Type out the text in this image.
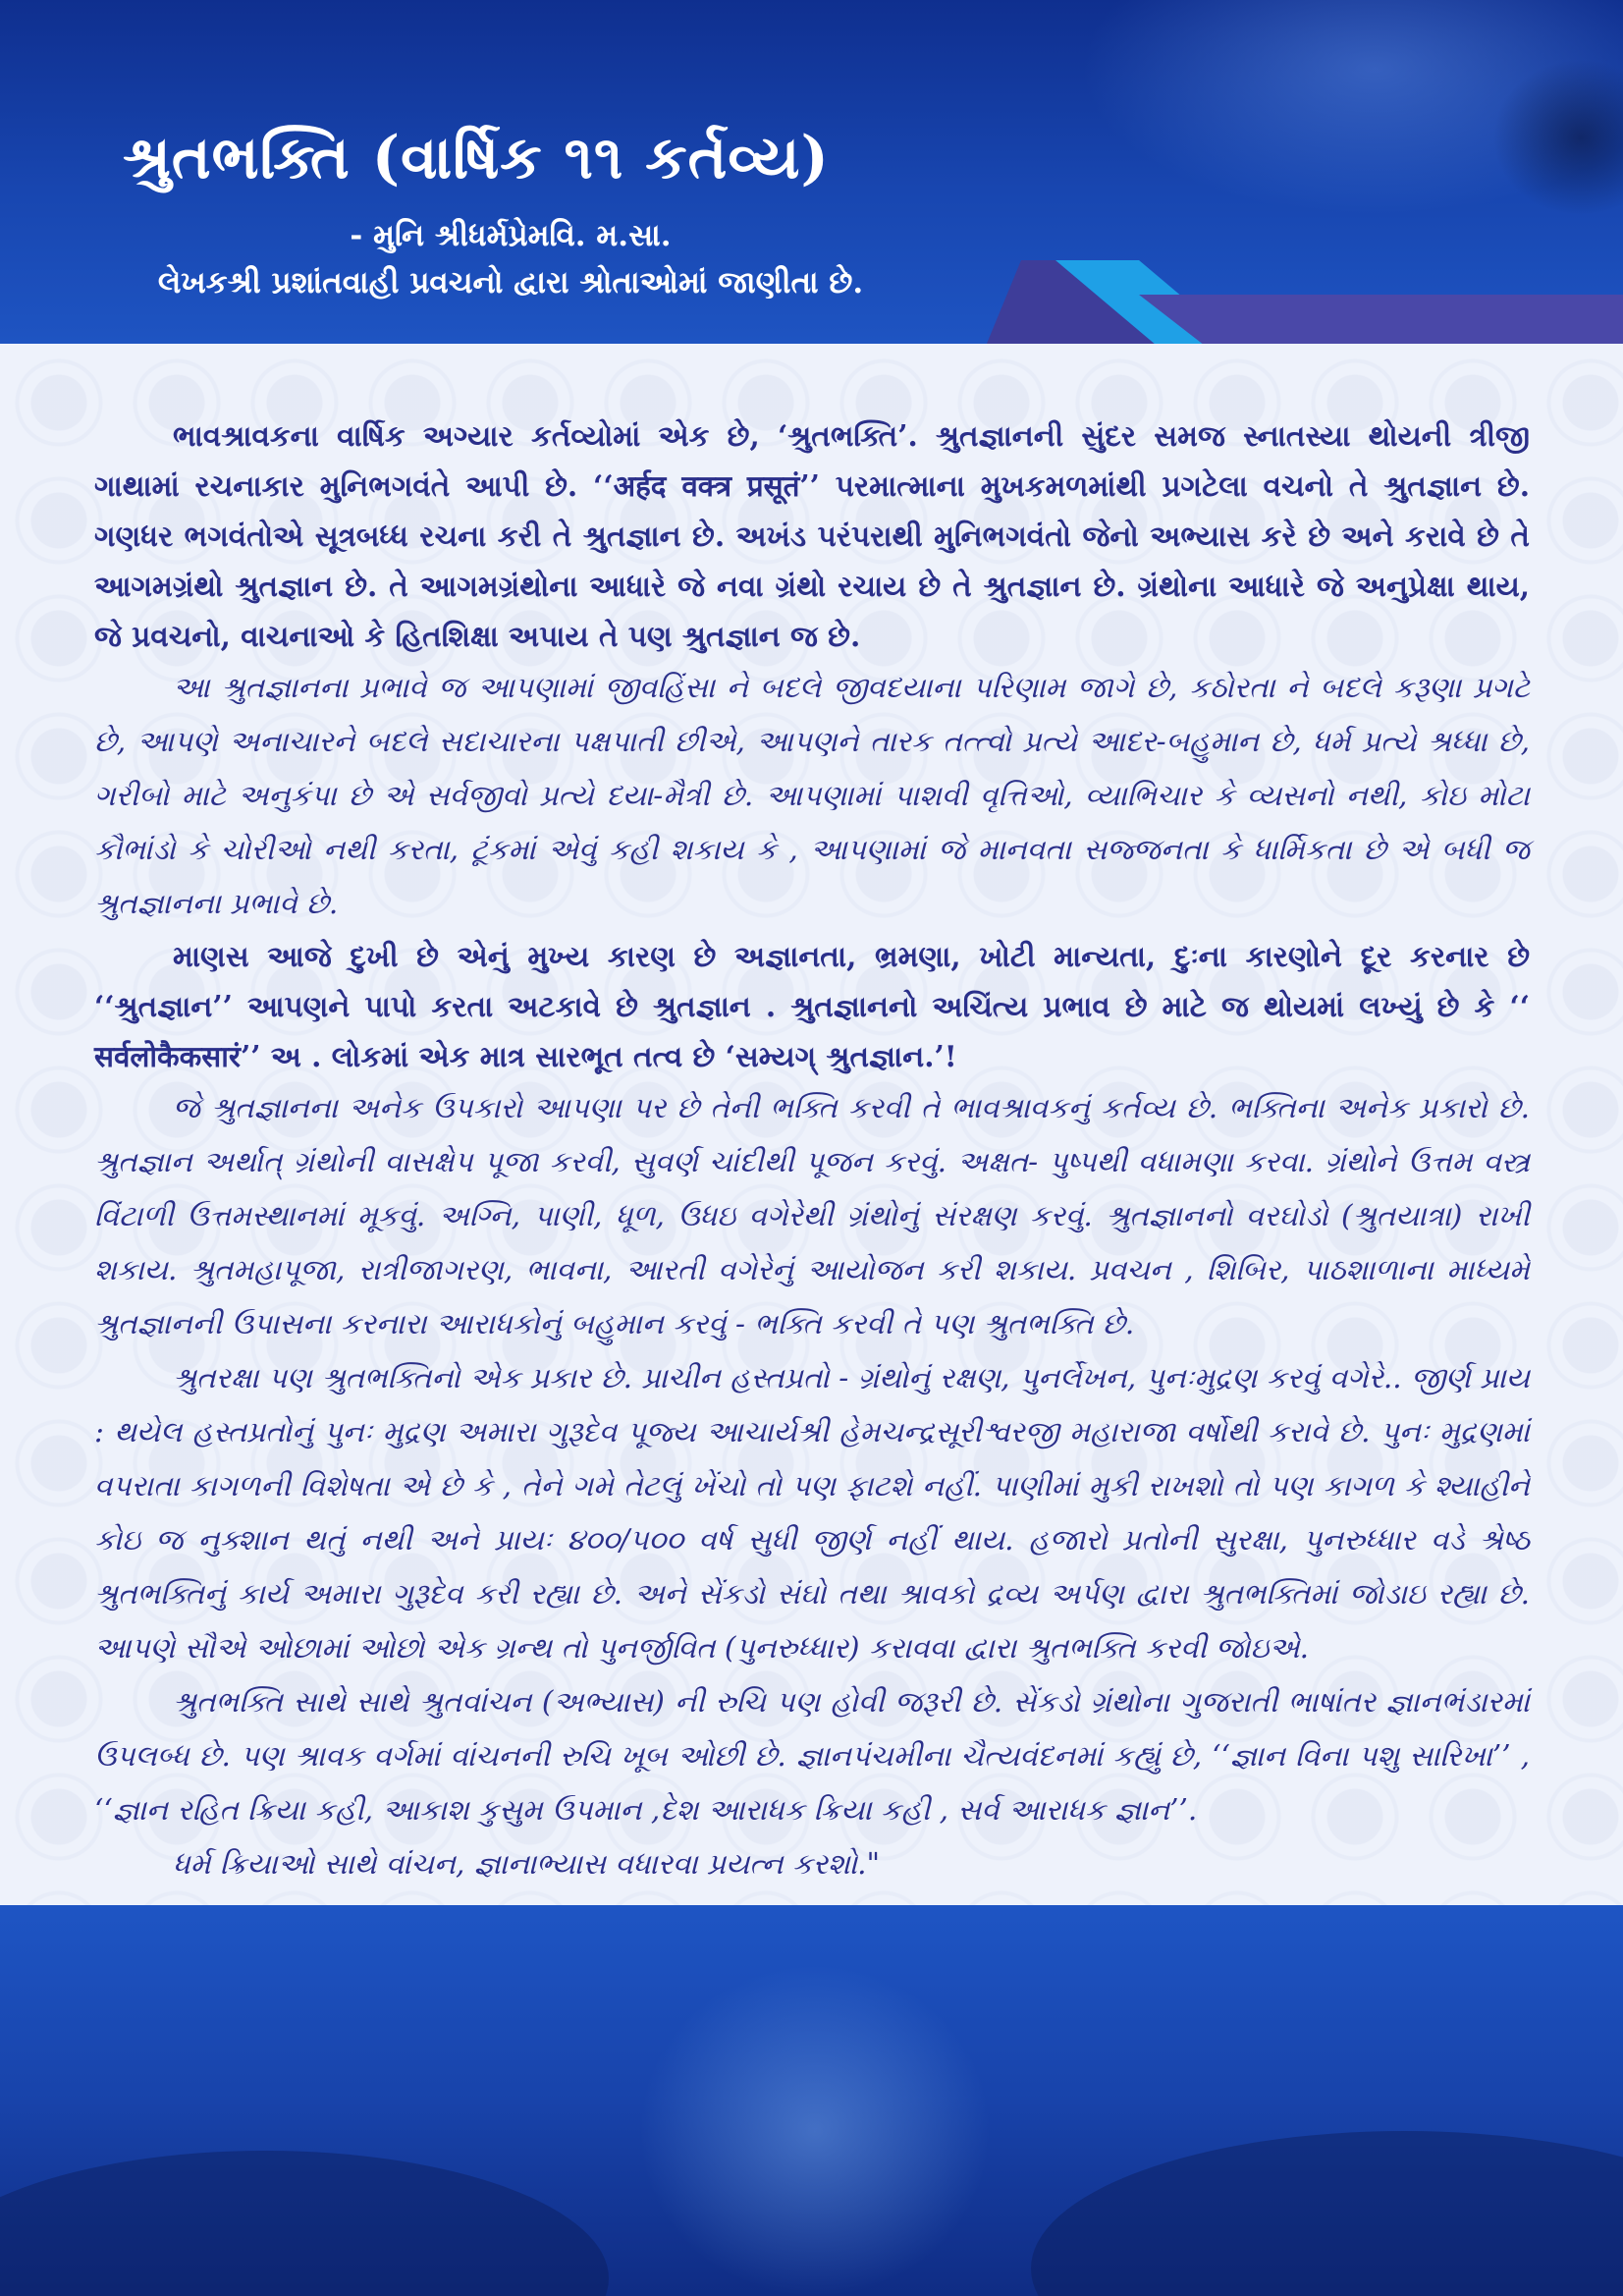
શ્રુતભક્તિ (વાર્ષિક ૧૧ કર્તવ્ય)
- મુનિ શ્રીધર્મપ્રેમવિ. મ.સા.
લેખકશ્રી પ્રશાંતવાહી પ્રવચનો દ્વારા શ્રોતાઓમાં જાણીતા છે.

ભાવશ્રાવકના વાર્ષિક અગ્યાર કર્તવ્યોમાં એક છે, ‘શ્રુતભક્તિ’. શ્રુતજ્ઞાનની સુંદર સમજ સ્નાતસ્યા થોયની ત્રીજી ગાથામાં રચનાકાર મુનિભગવંતે આપી છે. ‘‘अर्हद वक्त्र प्रसूतं’’ પરમાત્માના મુખકમળમાંથી પ્રગટેલા વચનો તે શ્રુતજ્ઞાન છે. ગણધર ભગવંતોએ સૂત્રબધ્ધ રચના કરી તે શ્રુતજ્ઞાન છે. અખંડ પરંપરાથી મુનિભગવંતો જેનો અભ્યાસ કરે છે અને કરાવે છે તે આગમગ્રંથો શ્રુતજ્ઞાન છે. તે આગમગ્રંથોના આધારે જે નવા ગ્રંથો રચાય છે તે શ્રુતજ્ઞાન છે. ગ્રંથોના આધારે જે અનુપ્રેક્ષા થાય, જે પ્રવચનો, વાચનાઓ કે હિતશિક્ષા અપાય તે પણ શ્રુતજ્ઞાન જ છે.

આ શ્રુતજ્ઞાનના પ્રભાવે જ આપણામાં જીવહિંસા ને બદલે જીવદયાના પરિણામ જાગે છે, કઠોરતા ને બદલે કરૂણા પ્રગટે છે, આપણે અનાચારને બદલે સદાચારના પક્ષપાતી છીએ, આપણને તારક તત્ત્વો પ્રત્યે આદર-બહુમાન છે, ધર્મ પ્રત્યે શ્રધ્ધા છે, ગરીબો માટે અનુકંપા છે એ સર્વજીવો પ્રત્યે દયા-મૈત્રી છે. આપણામાં પાશવી વૃત્તિઓ, વ્યાભિચાર કે વ્યસનો નથી, કોઇ મોટા કૌભાંડો કે ચોરીઓ નથી કરતા, ટૂંકમાં એવું કહી શકાય કે , આપણામાં જે માનવતા સજ્જનતા કે ધાર્મિકતા છે એ બધી જ શ્રુતજ્ઞાનના પ્રભાવે છે.

માણસ આજે દુખી છે એનું મુખ્ય કારણ છે અજ્ઞાનતા, ભ્રમણા, ખોટી માન્યતા, દુઃના કારણોને દૂર કરનાર છે ‘‘શ્રુતજ્ઞાન’’ આપણને પાપો કરતા અટકાવે છે શ્રુતજ્ઞાન . શ્રુતજ્ઞાનનો અચિંત્ય પ્રભાવ છે માટે જ થોયમાં લખ્યું છે કે ‘‘ सर्वलोकैकसारं’’ અ . લોકમાં એક માત્ર સારભૂત તત્વ છે ‘સમ્યગ્ શ્રુતજ્ઞાન.’!

જે શ્રુતજ્ઞાનના અનેક ઉપકારો આપણા પર છે તેની ભક્તિ કરવી તે ભાવશ્રાવકનું કર્તવ્ય છે. ભક્તિના અનેક પ્રકારો છે. શ્રુતજ્ઞાન અર્થાત્ ગ્રંથોની વાસક્ષેપ પૂજા કરવી, સુવર્ણ ચાંદીથી પૂજન કરવું. અક્ષત- પુષ્પથી વધામણા કરવા. ગ્રંથોને ઉત્તમ વસ્ત્ર વિંટાળી ઉત્તમસ્થાનમાં મૂકવું. અગ્નિ, પાણી, ધૂળ, ઉધઇ વગેરેથી ગ્રંથોનું સંરક્ષણ કરવું. શ્રુતજ્ઞાનનો વરઘોડો (શ્રુતયાત્રા) રાખી શકાય. શ્રુતમહાપૂજા, રાત્રીજાગરણ, ભાવના, આરતી વગેરેનું આયોજન કરી શકાય. પ્રવચન , શિબિર, પાઠશાળાના માધ્યમે શ્રુતજ્ઞાનની ઉપાસના કરનારા આરાધકોનું બહુમાન કરવું - ભક્તિ કરવી તે પણ શ્રુતભક્તિ છે.

શ્રુતરક્ષા પણ શ્રુતભક્તિનો એક પ્રકાર છે. પ્રાચીન હસ્તપ્રતો - ગ્રંથોનું રક્ષણ, પુનર્લેખન, પુનઃમુદ્રણ કરવું વગેરે.. જીર્ણ પ્રાય : થયેલ હસ્તપ્રતોનું પુનઃ મુદ્રણ અમારા ગુરૂદેવ પૂજ્ય આચાર્યશ્રી હેમચન્દ્રસૂરીશ્વરજી મહારાજા વર્ષોથી કરાવે છે. પુનઃ મુદ્રણમાં વપરાતા કાગળની વિશેષતા એ છે કે , તેને ગમે તેટલું ખેંચો તો પણ ફાટશે નહીં. પાણીમાં મુકી રાખશો તો પણ કાગળ કે શ્યાહીને કોઇ જ નુક્શાન થતું નથી અને પ્રાયઃ ૪૦૦/૫૦૦ વર્ષ સુધી જીર્ણ નહીં થાય. હજારો પ્રતોની સુરક્ષા, પુનરુધ્ધાર વડે શ્રેષ્ઠ શ્રુતભક્તિનું કાર્ય અમારા ગુરૂદેવ કરી રહ્યા છે. અને સેંકડો સંઘો તથા શ્રાવકો દ્રવ્ય અર્પણ દ્વારા શ્રુતભક્તિમાં જોડાઇ રહ્યા છે. આપણે સૌએ ઓછામાં ઓછો એક ગ્રન્થ તો પુનર્જીવિત (પુનરુધ્ધાર) કરાવવા દ્વારા શ્રુતભક્તિ કરવી જોઇએ.

શ્રુતભક્તિ સાથે સાથે શ્રુતવાંચન (અભ્યાસ) ની રુચિ પણ હોવી જરૂરી છે. સેંકડો ગ્રંથોના ગુજરાતી ભાષાંતર જ્ઞાનભંડારમાં ઉપલબ્ધ છે. પણ શ્રાવક વર્ગમાં વાંચનની રુચિ ખૂબ ઓછી છે. જ્ઞાનપંચમીના ચૈત્યવંદનમાં કહ્યું છે, ‘‘જ્ઞાન વિના પશુ સારિખા’’ , ‘‘જ્ઞાન રહિત ક્રિયા કહી, આકાશ કુસુમ ઉપમાન ,દેશ આરાધક ક્રિયા કહી , સર્વ આરાધક જ્ઞાન’’.

ધર્મ ક્રિયાઓ સાથે વાંચન, જ્ઞાનાભ્યાસ વધારવા પ્રયત્ન કરશો."
